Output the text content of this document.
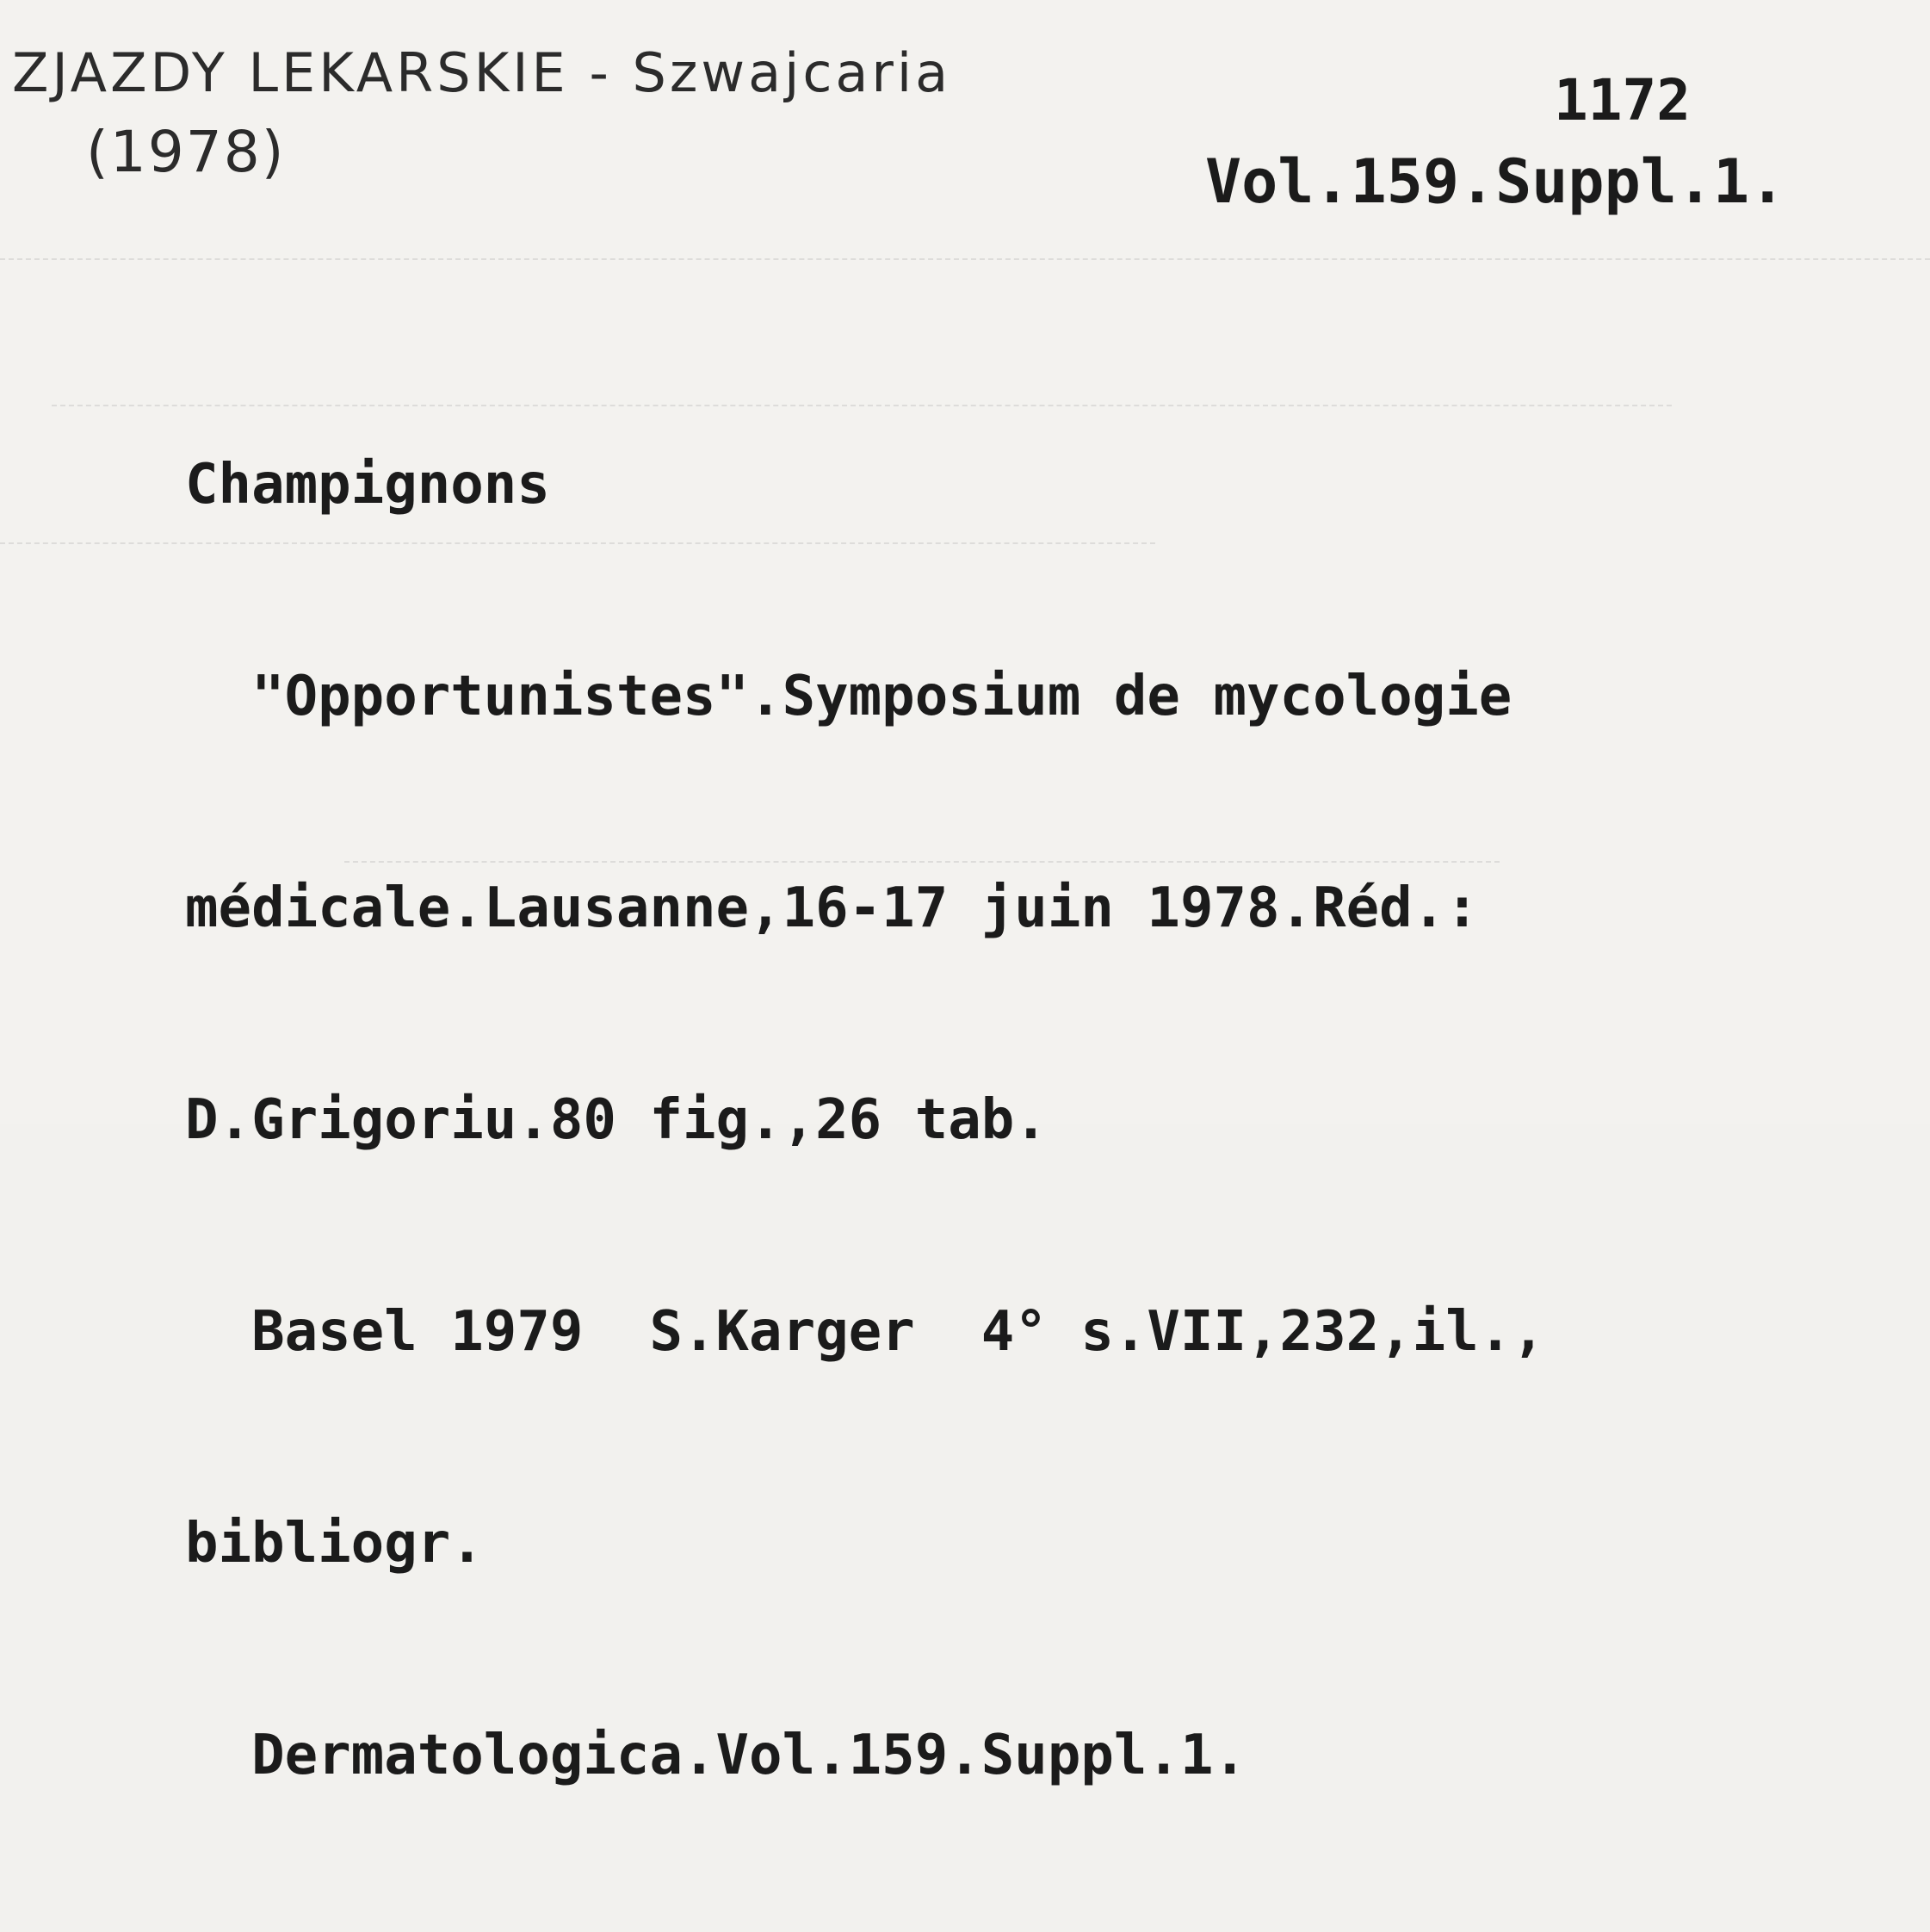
ZJAZDY LEKARSKIE - Szwajcaria
(1978)
1172
Vol.159.Suppl.1.

Champignons

"Opportunistes".Symposium de mycologie

médicale.Lausanne,16-17 juin 1978.Réd.:

D.Grigoriu.80 fig.,26 tab.

Basel 1979  S.Karger  4° s.VII,232,il.,

bibliogr.

Dermatologica.Vol.159.Suppl.1.
